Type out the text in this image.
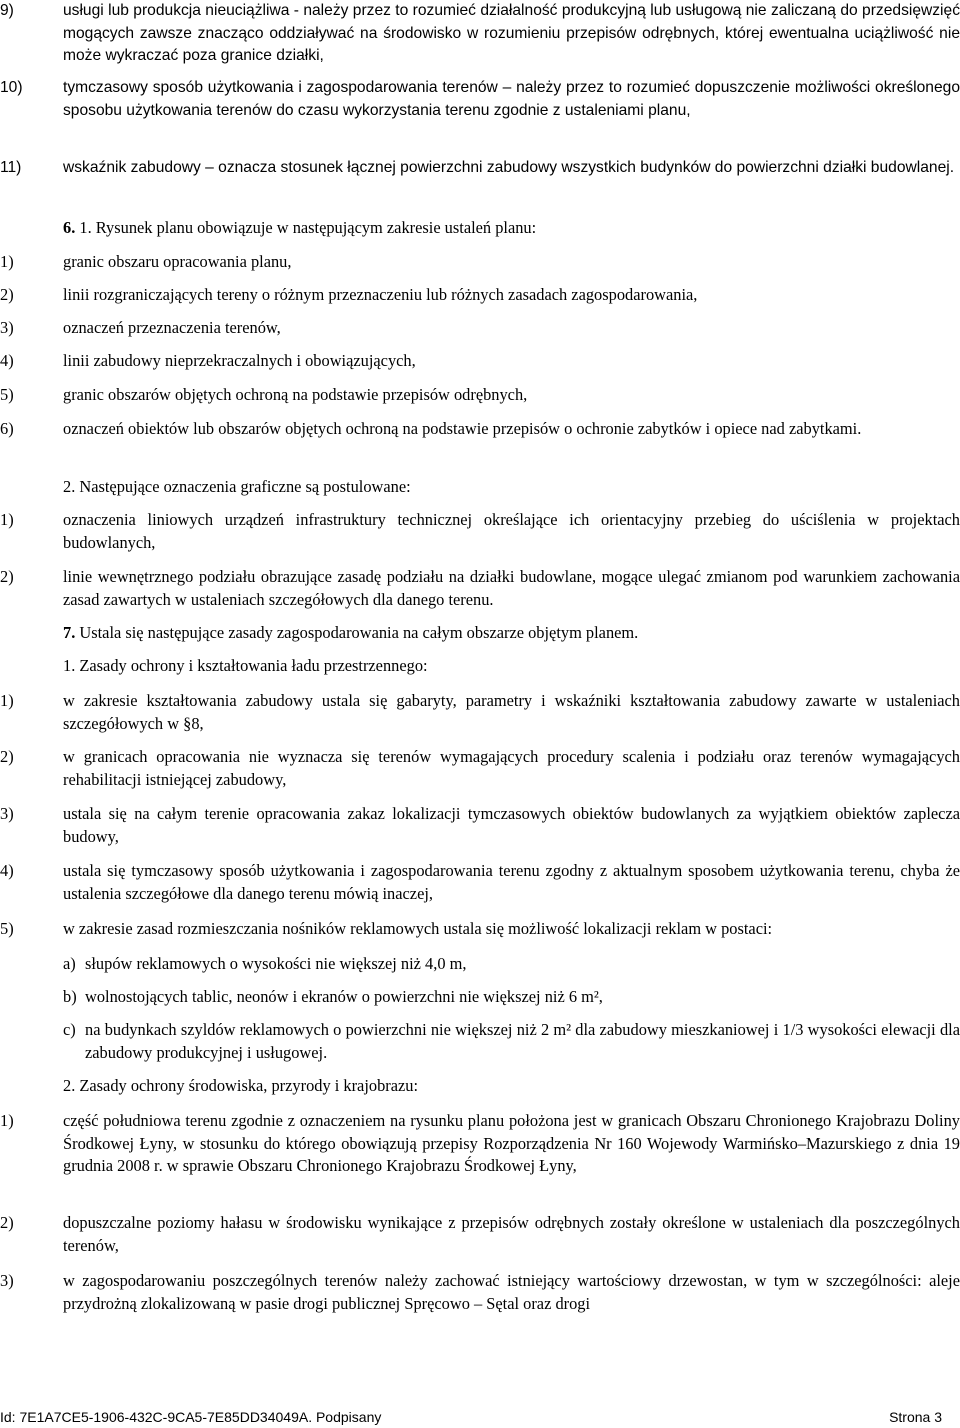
9)	usługi lub produkcja nieuciążliwa - należy przez to rozumieć działalność produkcyjną lub usługową nie zaliczaną do przedsięwzięć mogących zawsze znacząco oddziaływać na środowisko w rozumieniu przepisów odrębnych, której ewentualna uciążliwość nie może wykraczać poza granice działki,
10)	tymczasowy sposób użytkowania i zagospodarowania terenów – należy przez to rozumieć dopuszczenie możliwości określonego sposobu użytkowania terenów do czasu wykorzystania terenu zgodnie z ustaleniami planu,
11)	wskaźnik zabudowy – oznacza stosunek łącznej powierzchni zabudowy wszystkich budynków do powierzchni działki budowlanej.

6. 1. Rysunek planu obowiązuje w następującym zakresie ustaleń planu:

1)	granic obszaru opracowania planu,
2)	linii rozgraniczających tereny o różnym przeznaczeniu lub różnych zasadach zagospodarowania,
3)	oznaczeń przeznaczenia terenów,
4)	linii zabudowy nieprzekraczalnych i obowiązujących,
5)	granic obszarów objętych ochroną na podstawie przepisów odrębnych,
6)	oznaczeń obiektów lub obszarów objętych ochroną na podstawie przepisów o ochronie zabytków i opiece nad zabytkami.

2. Następujące oznaczenia graficzne są postulowane:

1)	oznaczenia liniowych urządzeń infrastruktury technicznej określające ich orientacyjny przebieg do uściślenia w projektach budowlanych,
2)	linie wewnętrznego podziału obrazujące zasadę podziału na działki budowlane, mogące ulegać zmianom pod warunkiem zachowania zasad zawartych w ustaleniach szczegółowych dla danego terenu.

7. Ustala się następujące zasady zagospodarowania na całym obszarze objętym planem.

1. Zasady ochrony i kształtowania ładu przestrzennego:

1)	w zakresie kształtowania zabudowy ustala się gabaryty, parametry i wskaźniki kształtowania zabudowy zawarte w ustaleniach szczegółowych w §8,
2)	w granicach opracowania nie wyznacza się terenów wymagających procedury scalenia i podziału oraz terenów wymagających rehabilitacji istniejącej zabudowy,
3)	ustala się na całym terenie opracowania zakaz lokalizacji tymczasowych obiektów budowlanych za wyjątkiem obiektów zaplecza budowy,
4)	ustala się tymczasowy sposób użytkowania i zagospodarowania terenu zgodny z aktualnym sposobem użytkowania terenu, chyba że ustalenia szczegółowe dla danego terenu mówią inaczej,
5)	w zakresie zasad rozmieszczania nośników reklamowych ustala się możliwość lokalizacji reklam w postaci:
a) słupów reklamowych o wysokości nie większej niż 4,0 m,
b) wolnostojących tablic, neonów i ekranów o powierzchni nie większej niż 6 m²,
c) na budynkach szyldów reklamowych o powierzchni nie większej niż 2 m² dla zabudowy mieszkaniowej i 1/3 wysokości elewacji dla zabudowy produkcyjnej i usługowej.

2. Zasady ochrony środowiska, przyrody i krajobrazu:

1)	część południowa terenu zgodnie z oznaczeniem na rysunku planu położona jest w granicach Obszaru Chronionego Krajobrazu Doliny Środkowej Łyny, w stosunku do którego obowiązują przepisy Rozporządzenia Nr 160 Wojewody Warmińsko–Mazurskiego z dnia 19 grudnia 2008 r. w sprawie Obszaru Chronionego Krajobrazu Środkowej Łyny,
2)	dopuszczalne poziomy hałasu w środowisku wynikające z przepisów odrębnych zostały określone w ustaleniach dla poszczególnych terenów,
3)	w zagospodarowaniu poszczególnych terenów należy zachować istniejący wartościowy drzewostan, w tym w szczególności: aleje przydrożną zlokalizowaną w pasie drogi publicznej Spręcowo – Sętal oraz drogi
Id: 7E1A7CE5-1906-432C-9CA5-7E85DD34049A. Podpisany	Strona 3
